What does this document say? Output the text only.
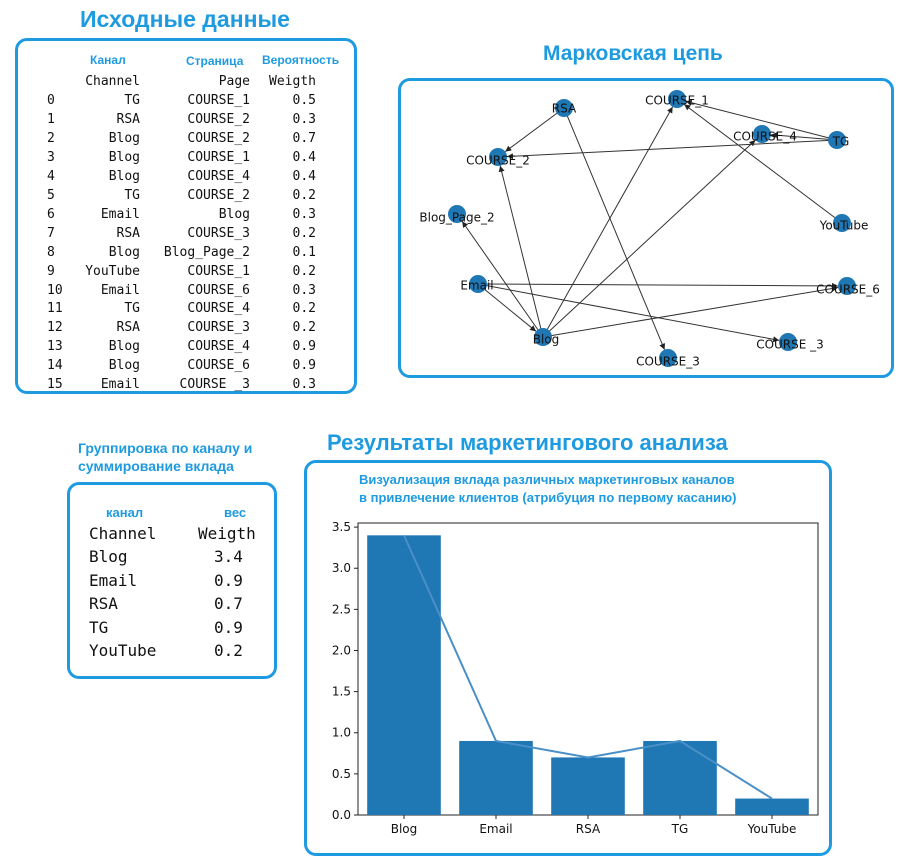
Исходные данные
Канал	Страница Вероятность
Channel	Page	Weigth
0	TG	COURSE_1	0.5
1	RSA	COURSE_2	0.3
2	Blog	COURSE_2	0.7
3	Blog	COURSE_1	0.4
4	Blog	COURSE_4	0.4
5	TG	COURSE_2	0.2
6	Email	Blog	0.3
7	RSA	COURSE_3	0.2
8	Blog	Blog_Page_2	0.1
9	YouTube	COURSE_1	0.2
10	Email	COURSE_6	0.3
11	TG	COURSE_4	0.2
12	RSA	COURSE_3	0.2
13	Blog	COURSE_4	0.9
14	Blog	COURSE_6	0.9
15	Email	COURSE _3	0.3
Марковская цепь
RSA
COURSE_1
COURSE_2
COURSE_4	TG
Blog_Page_2
YouTube
Email	COURSE_6
Blog	COURSE _3
COURSE_3
Группировка по каналу и
суммирование вклада
канал	вес
Channel	Weigth
Blog	3.4
Email	0.9
RSA	0.7
TG	0.9
YouTube	0.2
Результаты маркетингового анализа
Визуализация вклада различных маркетинговых каналов
в привлечение клиентов (атрибуция по первому касанию)
0.0
0.5
1.0
1.5
2.0
2.5
3.0
3.5
Blog	Email	RSA	TG	YouTube
